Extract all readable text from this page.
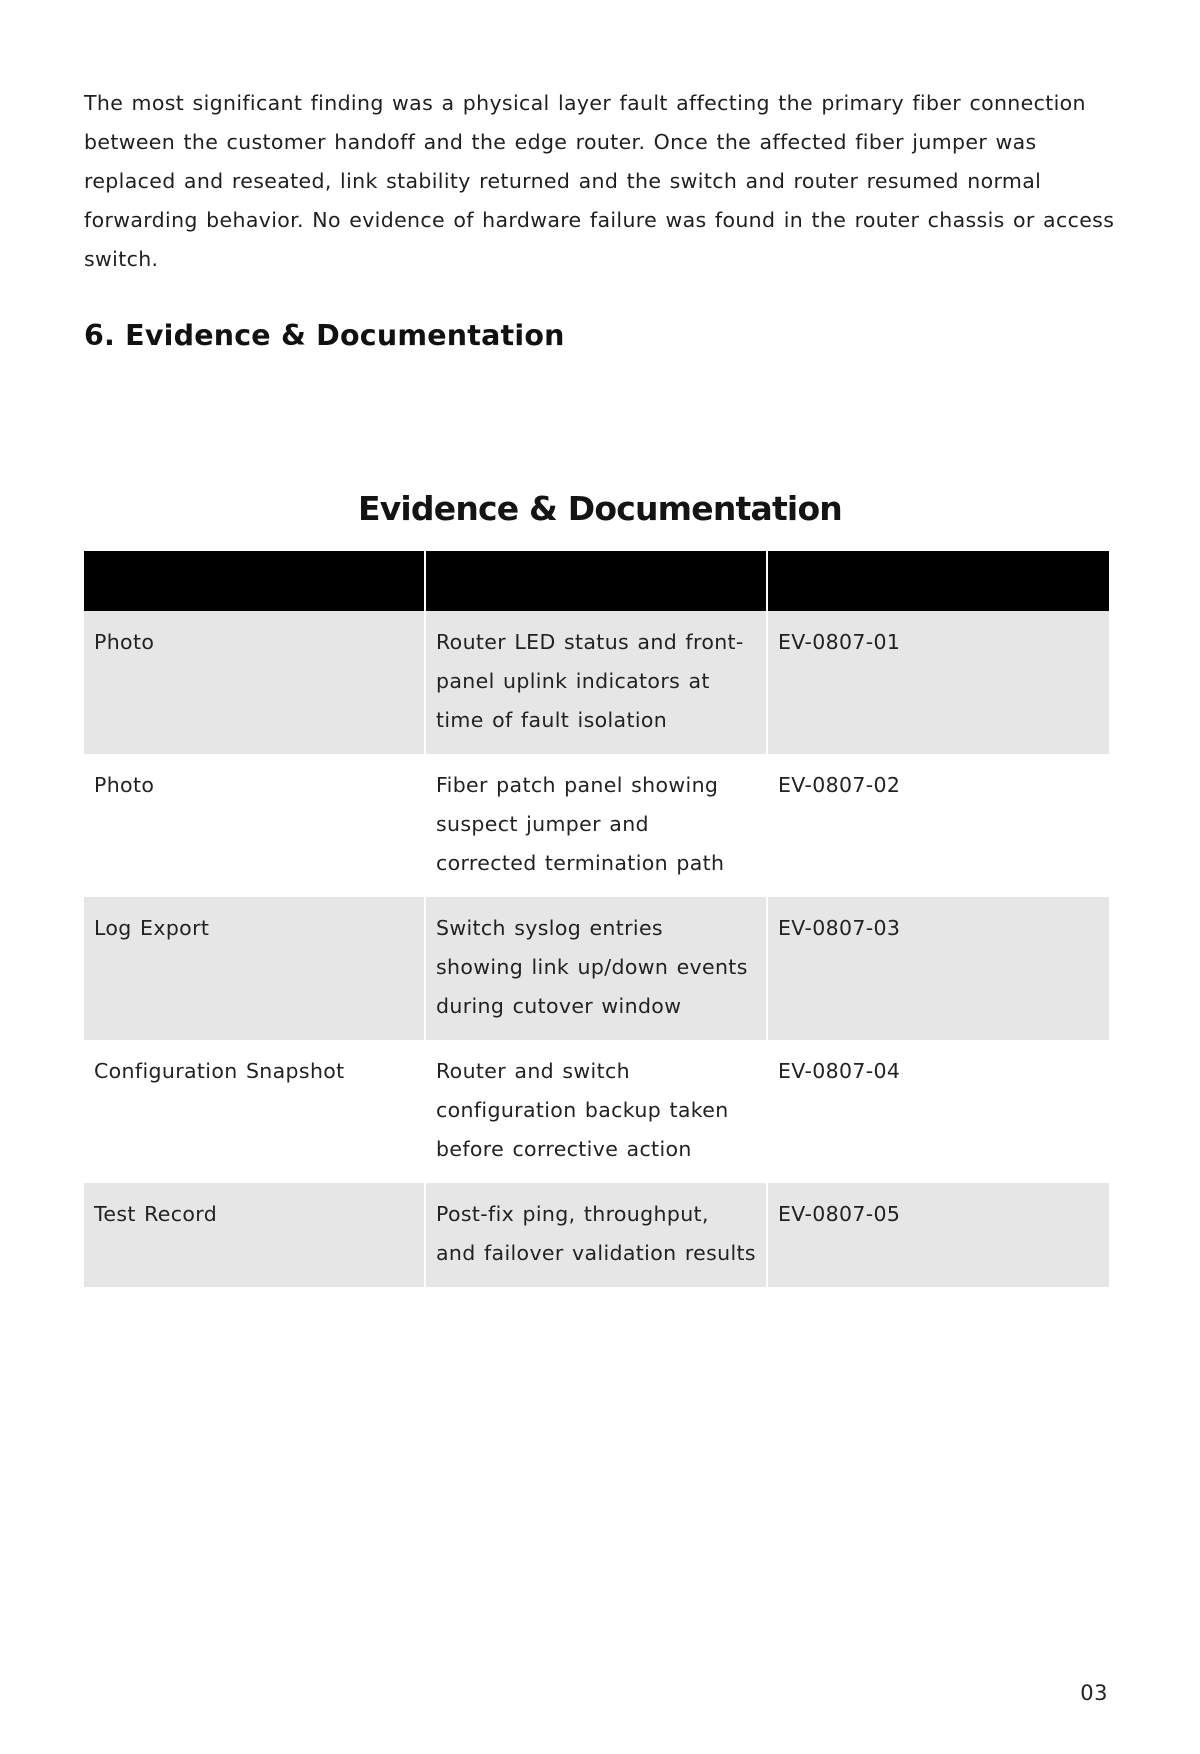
The most significant finding was a physical layer fault affecting the primary fiber connection between the customer handoff and the edge router. Once the affected fiber jumper was replaced and reseated, link stability returned and the switch and router resumed normal forwarding behavior. No evidence of hardware failure was found in the router chassis or access switch.

6. Evidence & Documentation
Evidence & Documentation

Photo	Router LED status and front-panel uplink indicators at time of fault isolation	EV-0807-01
Photo	Fiber patch panel showing suspect jumper and corrected termination path	EV-0807-02
Log Export	Switch syslog entries showing link up/down events during cutover window	EV-0807-03
Configuration Snapshot	Router and switch configuration backup taken before corrective action	EV-0807-04
Test Record	Post-fix ping, throughput, and failover validation results	EV-0807-05
03
